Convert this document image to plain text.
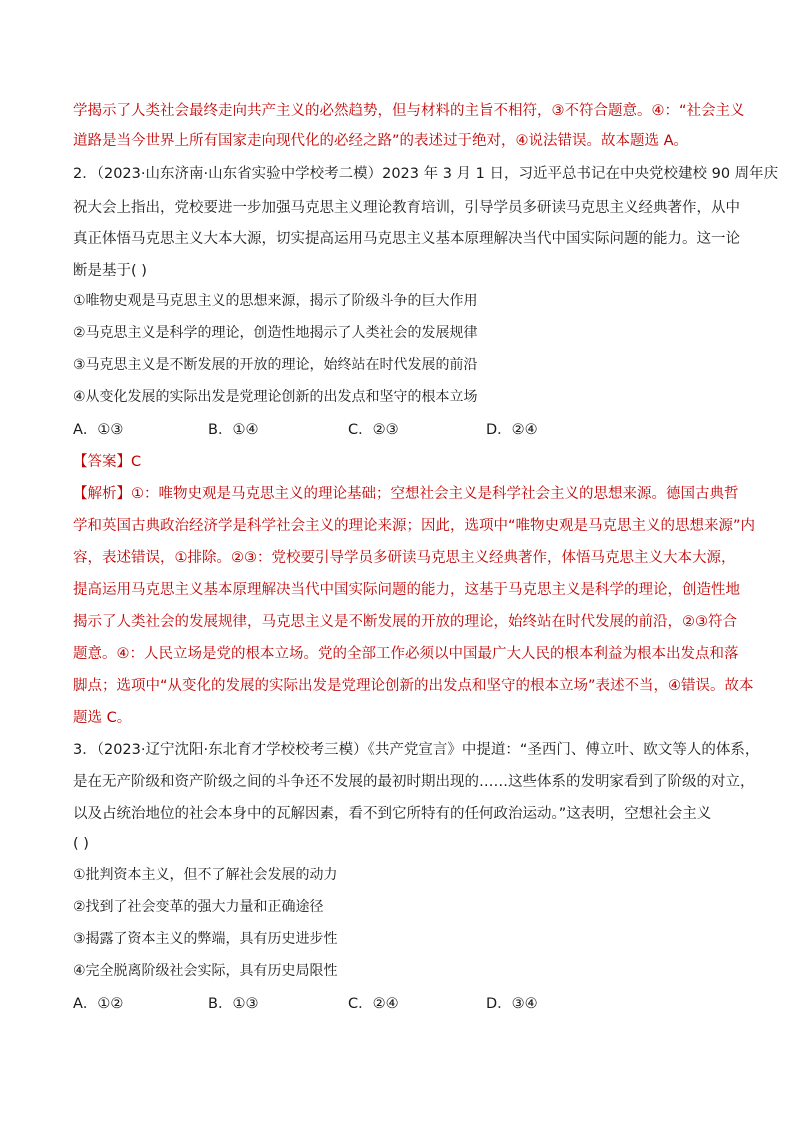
学揭示了人类社会最终走向共产主义的必然趋势，但与材料的主旨不相符，③不符合题意。④：“社会主义
道路是当今世界上所有国家走向现代化的必经之路”的表述过于绝对，④说法错误。故本题选 A。
2．（2023·山东济南·山东省实验中学校考二模）2023 年 3 月 1 日，习近平总书记在中央党校建校 90 周年庆
祝大会上指出，党校要进一步加强马克思主义理论教育培训，引导学员多研读马克思主义经典著作，从中
真正体悟马克思主义大本大源，切实提高运用马克思主义基本原理解决当代中国实际问题的能力。这一论
断是基于( )
①唯物史观是马克思主义的思想来源，揭示了阶级斗争的巨大作用
②马克思主义是科学的理论，创造性地揭示了人类社会的发展规律
③马克思主义是不断发展的开放的理论，始终站在时代发展的前沿
④从变化发展的实际出发是党理论创新的出发点和坚守的根本立场
A．①③	B．①④	C．②③	D．②④
【答案】C
【解析】①：唯物史观是马克思主义的理论基础；空想社会主义是科学社会主义的思想来源。德国古典哲
学和英国古典政治经济学是科学社会主义的理论来源；因此，选项中“唯物史观是马克思主义的思想来源”内
容，表述错误，①排除。②③：党校要引导学员多研读马克思主义经典著作，体悟马克思主义大本大源，
提高运用马克思主义基本原理解决当代中国实际问题的能力，这基于马克思主义是科学的理论，创造性地
揭示了人类社会的发展规律，马克思主义是不断发展的开放的理论，始终站在时代发展的前沿，②③符合
题意。④：人民立场是党的根本立场。党的全部工作必须以中国最广大人民的根本利益为根本出发点和落
脚点；选项中“从变化的发展的实际出发是党理论创新的出发点和坚守的根本立场”表述不当，④错误。故本
题选 C。
3．（2023·辽宁沈阳·东北育才学校校考三模）《共产党宣言》中提道：“圣西门、傅立叶、欧文等人的体系，
是在无产阶级和资产阶级之间的斗争还不发展的最初时期出现的……这些体系的发明家看到了阶级的对立，
以及占统治地位的社会本身中的瓦解因素，看不到它所特有的任何政治运动。”这表明，空想社会主义
( )
①批判资本主义，但不了解社会发展的动力
②找到了社会变革的强大力量和正确途径
③揭露了资本主义的弊端，具有历史进步性
④完全脱离阶级社会实际，具有历史局限性
A．①②	B．①③	C．②④	D．③④
